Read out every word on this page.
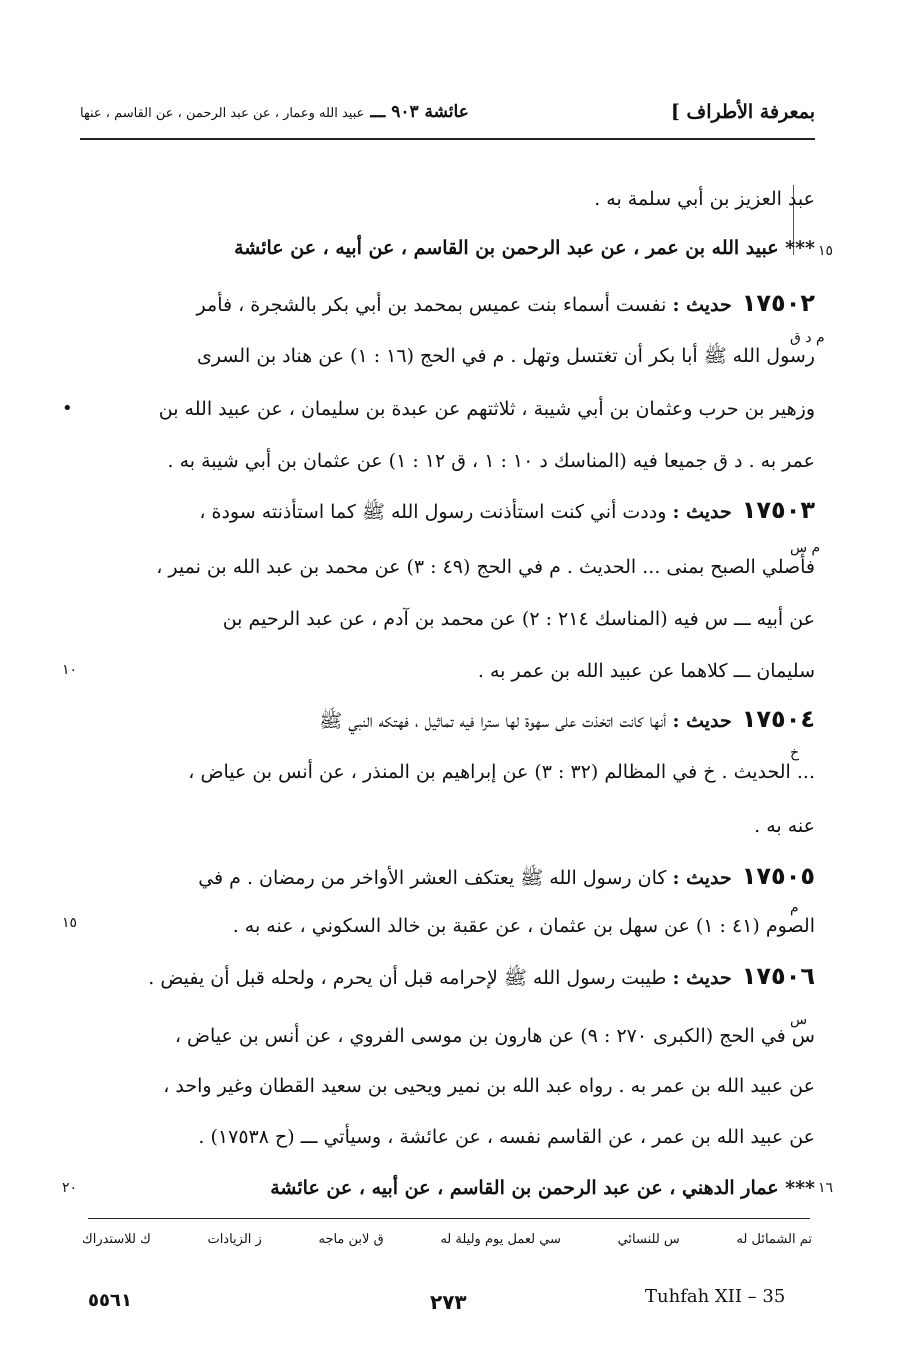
بمعرفة الأطراف ]
عائشة ٩٠٣ ـــ عبيد الله وعمار ، عن عبد الرحمن ، عن القاسم ، عنها
عبد العزيز بن أبي سلمة به .
*** عبيد الله بن عمر ، عن عبد الرحمن بن القاسم ، عن أبيه ، عن عائشة
١٧٥٠٢حديث : نفست أسماء بنت عميس بمحمد بن أبي بكر بالشجرة ، فأمر
رسول الله ﷺ أبا بكر أن تغتسل وتهل . م في الحج (١٦ : ١) عن هناد بن السرى
وزهير بن حرب وعثمان بن أبي شيبة ، ثلاثتهم عن عبدة بن سليمان ، عن عبيد الله بن
عمر به . د ق جميعا فيه (المناسك د ١٠ : ١ ، ق ١٢ : ١) عن عثمان بن أبي شيبة به .
١٧٥٠٣حديث : وددت أني كنت استأذنت رسول الله ﷺ كما استأذنته سودة ،
فأصلي الصبح بمنى ... الحديث . م في الحج (٤٩ : ٣) عن محمد بن عبد الله بن نمير ،
عن أبيه ـــ س فيه (المناسك ٢١٤ : ٢) عن محمد بن آدم ، عن عبد الرحيم بن
سليمان ـــ كلاهما عن عبيد الله بن عمر به .
١٧٥٠٤حديث : أنها كانت اتخذت على سهوة لها سترا فيه تماثيل ، فهتكه النبي ﷺ
... الحديث . خ في المظالم (٣٢ : ٣) عن إبراهيم بن المنذر ، عن أنس بن عياض ،
عنه به .
١٧٥٠٥حديث : كان رسول الله ﷺ يعتكف العشر الأواخر من رمضان . م في
الصوم (٤١ : ١) عن سهل بن عثمان ، عن عقبة بن خالد السكوني ، عنه به .
١٧٥٠٦حديث : طيبت رسول الله ﷺ لإحرامه قبل أن يحرم ، ولحله قبل أن يفيض .
س في الحج (الكبرى ٢٧٠ : ٩) عن هارون بن موسى الفروي ، عن أنس بن عياض ،
عن عبيد الله بن عمر به . رواه عبد الله بن نمير ويحيى بن سعيد القطان وغير واحد ،
عن عبيد الله بن عمر ، عن القاسم نفسه ، عن عائشة ، وسيأتي ـــ (ح ١٧٥٣٨) .
*** عمار الدهني ، عن عبد الرحمن بن القاسم ، عن أبيه ، عن عائشة
١٥
١٦
م د ق
م س
خ
م
س
•
١٠
١٥
٢٠
تم الشمائل له
س للنسائي
سي لعمل يوم وليلة له
ق لابن ماجه
ز الزيادات
ك للاستدراك
٥٥٦١	٢٧٣	Tuhfah XII – 35
